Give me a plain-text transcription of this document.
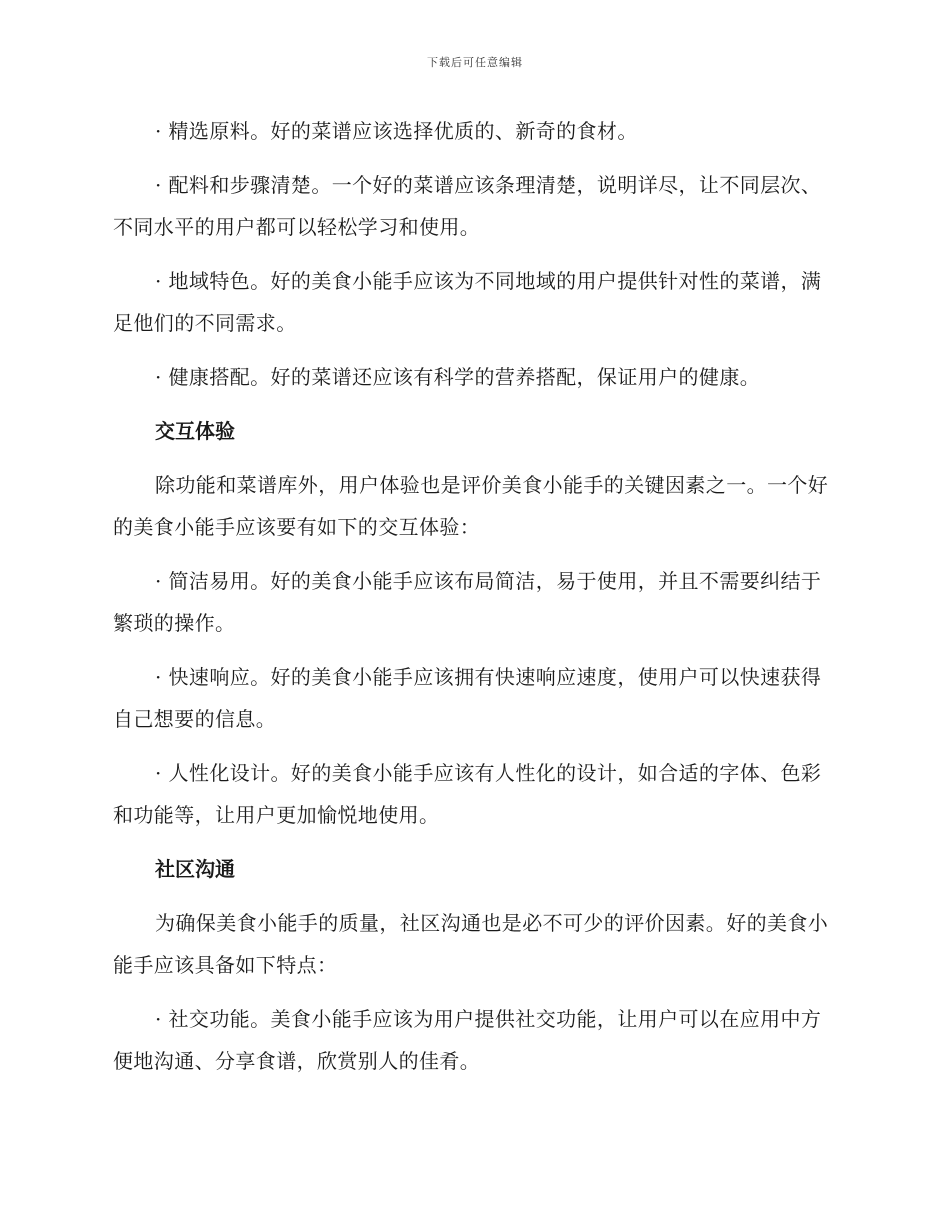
下载后可任意编辑

· 精选原料。好的菜谱应该选择优质的、新奇的食材。

· 配料和步骤清楚。一个好的菜谱应该条理清楚，说明详尽，让不同层次、不同水平的用户都可以轻松学习和使用。

· 地域特色。好的美食小能手应该为不同地域的用户提供针对性的菜谱，满足他们的不同需求。

· 健康搭配。好的菜谱还应该有科学的营养搭配，保证用户的健康。

交互体验

除功能和菜谱库外，用户体验也是评价美食小能手的关键因素之一。一个好的美食小能手应该要有如下的交互体验：

· 简洁易用。好的美食小能手应该布局简洁，易于使用，并且不需要纠结于繁琐的操作。

· 快速响应。好的美食小能手应该拥有快速响应速度，使用户可以快速获得自己想要的信息。

· 人性化设计。好的美食小能手应该有人性化的设计，如合适的字体、色彩和功能等，让用户更加愉悦地使用。

社区沟通

为确保美食小能手的质量，社区沟通也是必不可少的评价因素。好的美食小能手应该具备如下特点：

· 社交功能。美食小能手应该为用户提供社交功能，让用户可以在应用中方便地沟通、分享食谱，欣赏别人的佳肴。
